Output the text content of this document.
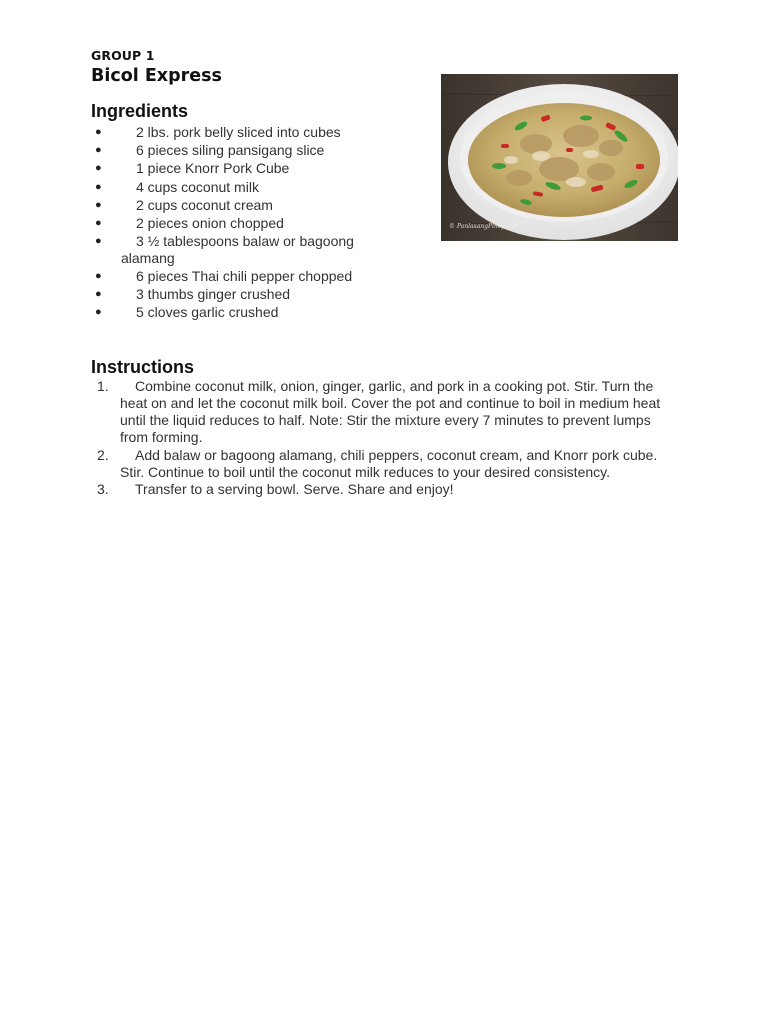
GROUP 1
Bicol Express
Ingredients
● 2 lbs. pork belly sliced into cubes
● 6 pieces siling pansigang slice
● 1 piece Knorr Pork Cube
● 4 cups coconut milk
● 2 cups coconut cream
● 2 pieces onion chopped
● 3 ½ tablespoons balaw or bagoong alamang
● 6 pieces Thai chili pepper chopped
● 3 thumbs ginger crushed
● 5 cloves garlic crushed
Instructions
1. Combine coconut milk, onion, ginger, garlic, and pork in a cooking pot. Stir. Turn the heat on and let the coconut milk boil. Cover the pot and continue to boil in medium heat until the liquid reduces to half. Note: Stir the mixture every 7 minutes to prevent lumps from forming.
2. Add balaw or bagoong alamang, chili peppers, coconut cream, and Knorr pork cube. Stir. Continue to boil until the coconut milk reduces to your desired consistency.
3. Transfer to a serving bowl. Serve. Share and enjoy!
© PanlasangPinoy.com
